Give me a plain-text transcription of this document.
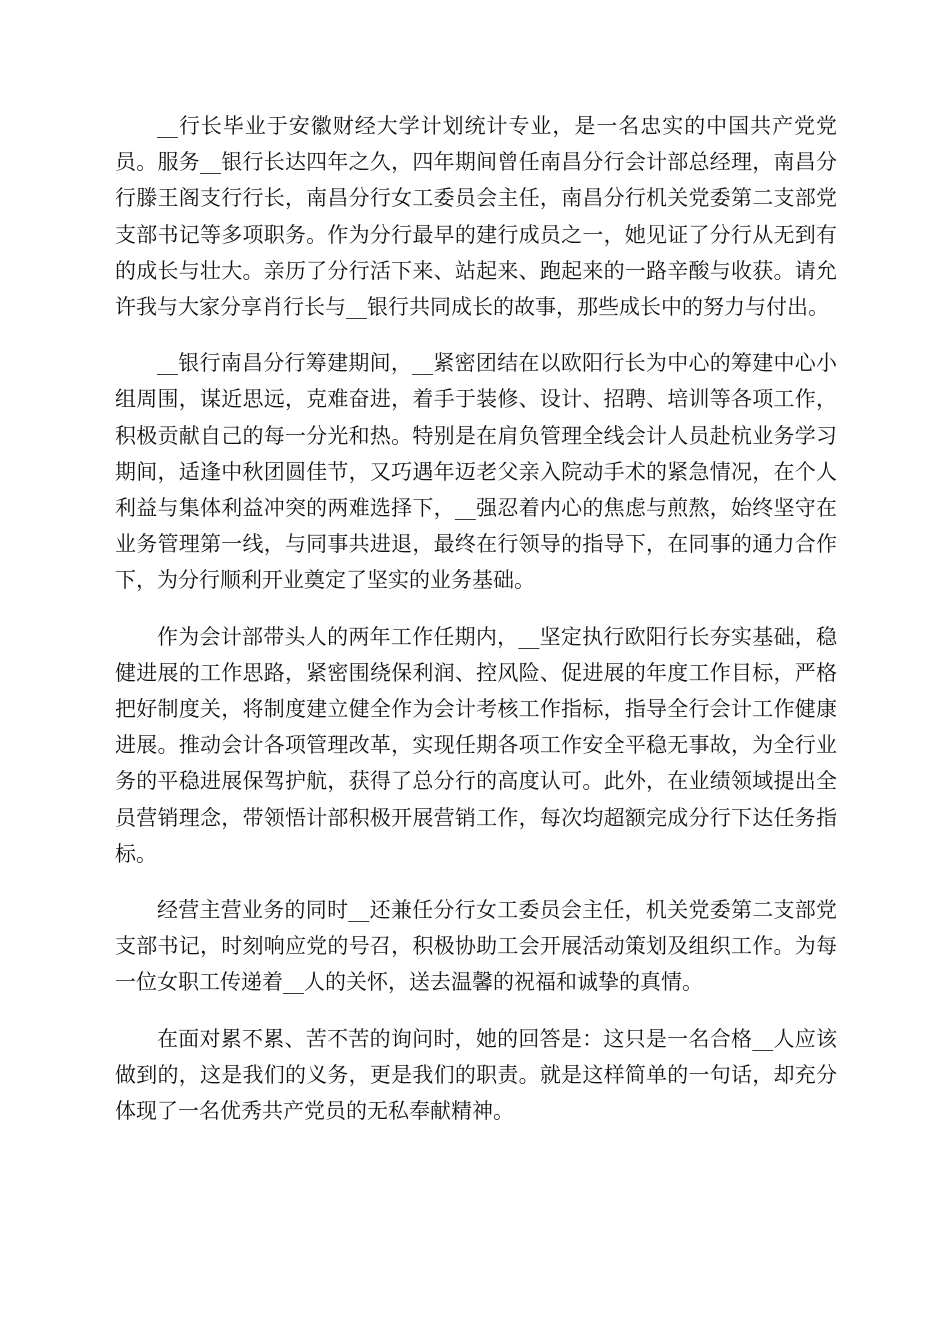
__行长毕业于安徽财经大学计划统计专业，是一名忠实的中国共产党党员。服务__银行长达四年之久，四年期间曾任南昌分行会计部总经理，南昌分行滕王阁支行行长，南昌分行女工委员会主任，南昌分行机关党委第二支部党支部书记等多项职务。作为分行最早的建行成员之一，她见证了分行从无到有的成长与壮大。亲历了分行活下来、站起来、跑起来的一路辛酸与收获。请允许我与大家分享肖行长与__银行共同成长的故事，那些成长中的努力与付出。

__银行南昌分行筹建期间，__紧密团结在以欧阳行长为中心的筹建中心小组周围，谋近思远，克难奋进，着手于装修、设计、招聘、培训等各项工作，积极贡献自己的每一分光和热。特别是在肩负管理全线会计人员赴杭业务学习期间，适逢中秋团圆佳节，又巧遇年迈老父亲入院动手术的紧急情况，在个人利益与集体利益冲突的两难选择下，__强忍着内心的焦虑与煎熬，始终坚守在业务管理第一线，与同事共进退，最终在行领导的指导下，在同事的通力合作下，为分行顺利开业奠定了坚实的业务基础。

作为会计部带头人的两年工作任期内，__坚定执行欧阳行长夯实基础，稳健进展的工作思路，紧密围绕保利润、控风险、促进展的年度工作目标，严格把好制度关，将制度建立健全作为会计考核工作指标，指导全行会计工作健康进展。推动会计各项管理改革，实现任期各项工作安全平稳无事故，为全行业务的平稳进展保驾护航，获得了总分行的高度认可。此外，在业绩领域提出全员营销理念，带领悟计部积极开展营销工作，每次均超额完成分行下达任务指标。

经营主营业务的同时__还兼任分行女工委员会主任，机关党委第二支部党支部书记，时刻响应党的号召，积极协助工会开展活动策划及组织工作。为每一位女职工传递着__人的关怀，送去温馨的祝福和诚挚的真情。

在面对累不累、苦不苦的询问时，她的回答是：这只是一名合格__人应该做到的，这是我们的义务，更是我们的职责。就是这样简单的一句话，却充分体现了一名优秀共产党员的无私奉献精神。
